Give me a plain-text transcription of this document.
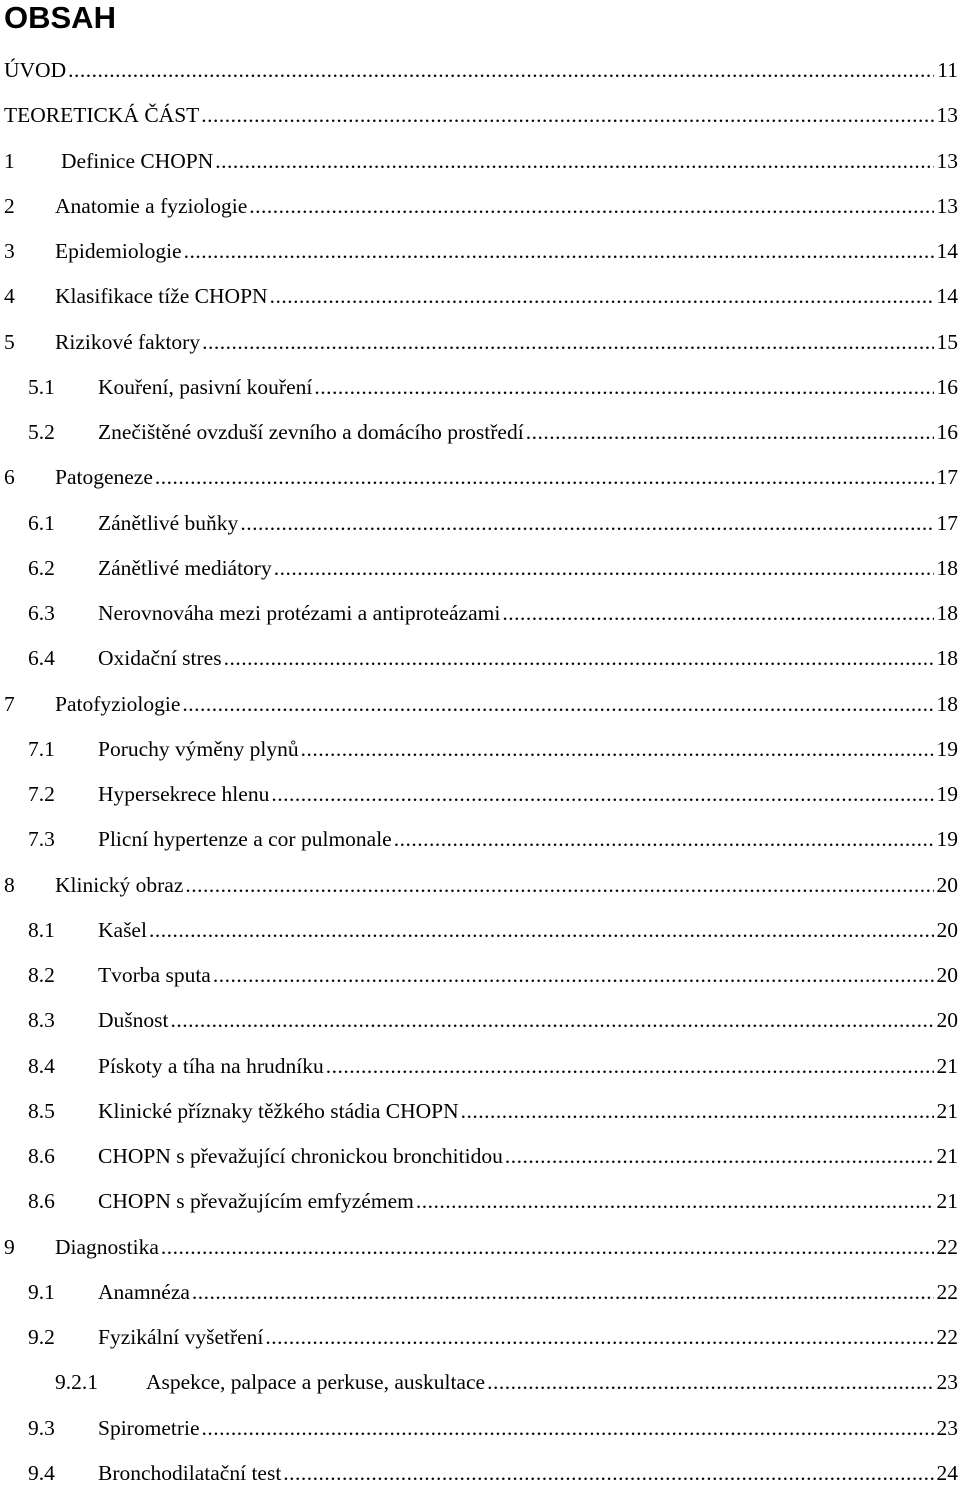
OBSAH
ÚVOD .....	11
TEORETICKÁ ČÁST .....	13
1 Definice CHOPN .....	13
2 Anatomie a fyziologie .....	13
3 Epidemiologie .....	14
4 Klasifikace tíže CHOPN .....	14
5 Rizikové faktory .....	15
5.1 Kouření, pasivní kouření .....	16
5.2 Znečištěné ovzduší zevního a domácího prostředí .....	16
6 Patogeneze .....	17
6.1 Zánětlivé buňky .....	17
6.2 Zánětlivé mediátory .....	18
6.3 Nerovnováha mezi protézami a antiproteázami .....	18
6.4 Oxidační stres .....	18
7 Patofyziologie .....	18
7.1 Poruchy výměny plynů .....	19
7.2 Hypersekrece hlenu .....	19
7.3 Plicní hypertenze a cor pulmonale .....	19
8 Klinický obraz .....	20
8.1 Kašel .....	20
8.2 Tvorba sputa .....	20
8.3 Dušnost .....	20
8.4 Pískoty a tíha na hrudníku .....	21
8.5 Klinické příznaky těžkého stádia CHOPN .....	21
8.6 CHOPN s převažující chronickou bronchitidou .....	21
8.6 CHOPN s převažujícím emfyzémem .....	21
9 Diagnostika .....	22
9.1 Anamnéza .....	22
9.2 Fyzikální vyšetření .....	22
9.2.1 Aspekce, palpace a perkuse, auskultace .....	23
9.3 Spirometrie .....	23
9.4 Bronchodilatační test .....	24
